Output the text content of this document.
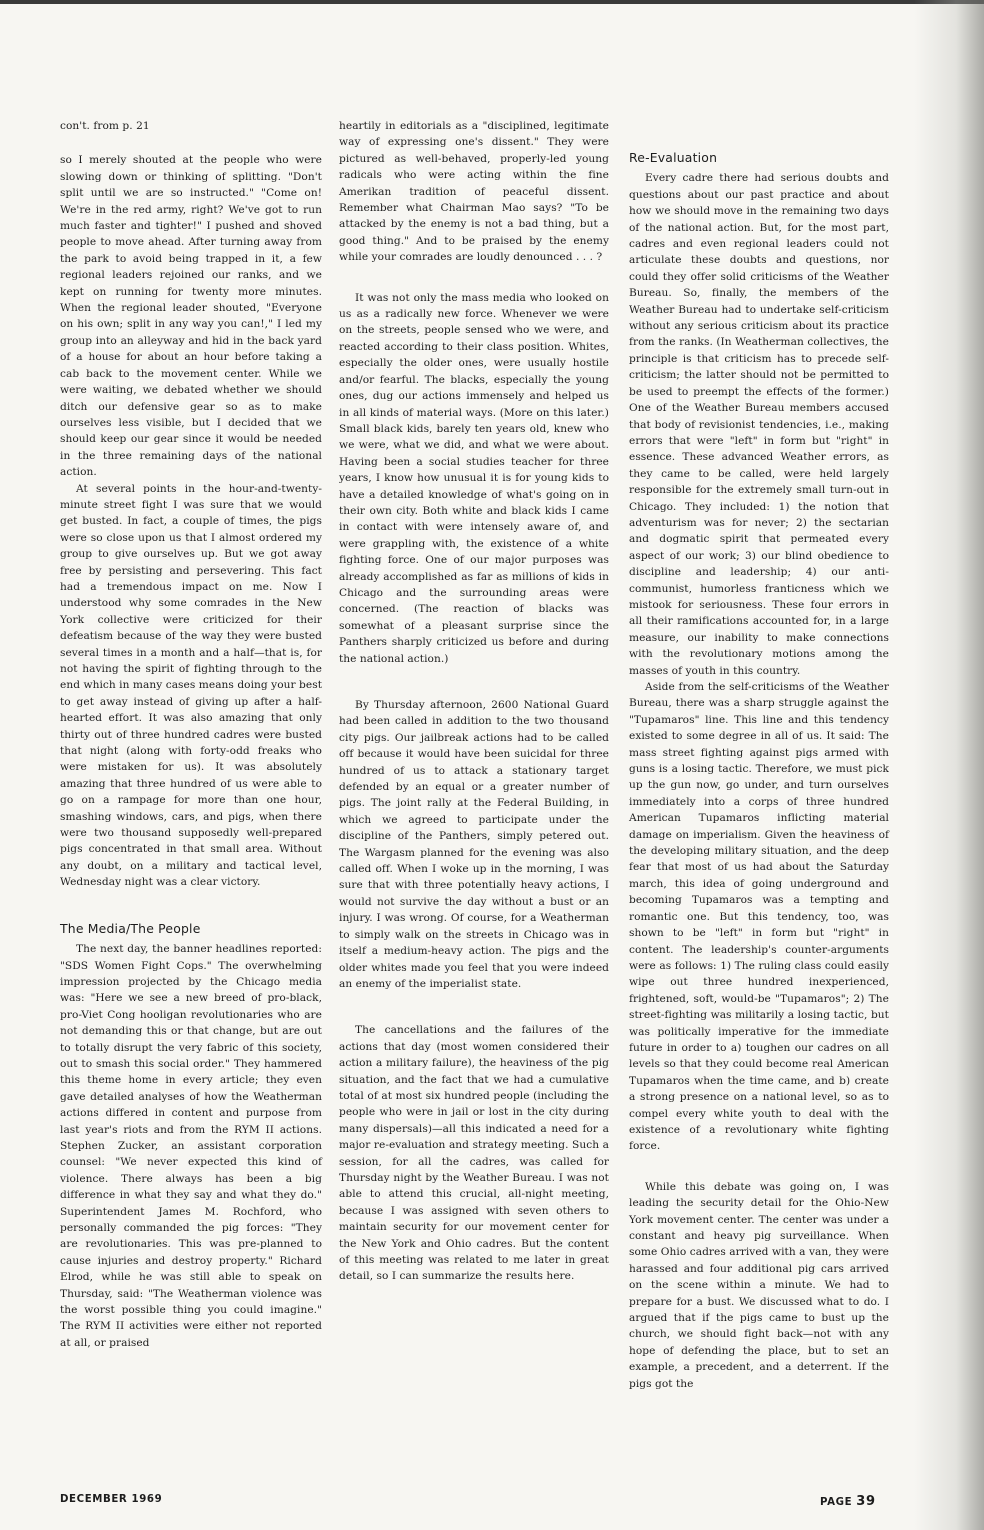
con't. from p. 21

so I merely shouted at the people who were slowing down or thinking of splitting. "Don't split until we are so instructed." "Come on! We're in the red army, right? We've got to run much faster and tighter!" I pushed and shoved people to move ahead. After turning away from the park to avoid being trapped in it, a few regional leaders rejoined our ranks, and we kept on running for twenty more minutes. When the regional leader shouted, "Everyone on his own; split in any way you can!," I led my group into an alleyway and hid in the back yard of a house for about an hour before taking a cab back to the movement center. While we were waiting, we debated whether we should ditch our defensive gear so as to make ourselves less visible, but I decided that we should keep our gear since it would be needed in the three remaining days of the national action.

At several points in the hour-and-twenty-minute street fight I was sure that we would get busted. In fact, a couple of times, the pigs were so close upon us that I almost ordered my group to give ourselves up. But we got away free by persisting and persevering. This fact had a tremendous impact on me. Now I understood why some comrades in the New York collective were criticized for their defeatism because of the way they were busted several times in a month and a half—that is, for not having the spirit of fighting through to the end which in many cases means doing your best to get away instead of giving up after a half-hearted effort. It was also amazing that only thirty out of three hundred cadres were busted that night (along with forty-odd freaks who were mistaken for us). It was absolutely amazing that three hundred of us were able to go on a rampage for more than one hour, smashing windows, cars, and pigs, when there were two thousand supposedly well-prepared pigs concentrated in that small area. Without any doubt, on a military and tactical level, Wednesday night was a clear victory.

The Media/The People

The next day, the banner headlines reported: "SDS Women Fight Cops." The overwhelming impression projected by the Chicago media was: "Here we see a new breed of pro-black, pro-Viet Cong hooligan revolutionaries who are not demanding this or that change, but are out to totally disrupt the very fabric of this society, out to smash this social order." They hammered this theme home in every article; they even gave detailed analyses of how the Weatherman actions differed in content and purpose from last year's riots and from the RYM II actions. Stephen Zucker, an assistant corporation counsel: "We never expected this kind of violence. There always has been a big difference in what they say and what they do." Superintendent James M. Rochford, who personally commanded the pig forces: "They are revolutionaries. This was pre-planned to cause injuries and destroy property." Richard Elrod, while he was still able to speak on Thursday, said: "The Weatherman violence was the worst possible thing you could imagine." The RYM II activities were either not reported at all, or praised

heartily in editorials as a "disciplined, legitimate way of expressing one's dissent." They were pictured as well-behaved, properly-led young radicals who were acting within the fine Amerikan tradition of peaceful dissent. Remember what Chairman Mao says? "To be attacked by the enemy is not a bad thing, but a good thing." And to be praised by the enemy while your comrades are loudly denounced . . . ?

It was not only the mass media who looked on us as a radically new force. Whenever we were on the streets, people sensed who we were, and reacted according to their class position. Whites, especially the older ones, were usually hostile and/or fearful. The blacks, especially the young ones, dug our actions immensely and helped us in all kinds of material ways. (More on this later.) Small black kids, barely ten years old, knew who we were, what we did, and what we were about. Having been a social studies teacher for three years, I know how unusual it is for young kids to have a detailed knowledge of what's going on in their own city. Both white and black kids I came in contact with were intensely aware of, and were grappling with, the existence of a white fighting force. One of our major purposes was already accomplished as far as millions of kids in Chicago and the surrounding areas were concerned. (The reaction of blacks was somewhat of a pleasant surprise since the Panthers sharply criticized us before and during the national action.)

By Thursday afternoon, 2600 National Guard had been called in addition to the two thousand city pigs. Our jailbreak actions had to be called off because it would have been suicidal for three hundred of us to attack a stationary target defended by an equal or a greater number of pigs. The joint rally at the Federal Building, in which we agreed to participate under the discipline of the Panthers, simply petered out. The Wargasm planned for the evening was also called off. When I woke up in the morning, I was sure that with three potentially heavy actions, I would not survive the day without a bust or an injury. I was wrong. Of course, for a Weatherman to simply walk on the streets in Chicago was in itself a medium-heavy action. The pigs and the older whites made you feel that you were indeed an enemy of the imperialist state.

The cancellations and the failures of the actions that day (most women considered their action a military failure), the heaviness of the pig situation, and the fact that we had a cumulative total of at most six hundred people (including the people who were in jail or lost in the city during many dispersals)—all this indicated a need for a major re-evaluation and strategy meeting. Such a session, for all the cadres, was called for Thursday night by the Weather Bureau. I was not able to attend this crucial, all-night meeting, because I was assigned with seven others to maintain security for our movement center for the New York and Ohio cadres. But the content of this meeting was related to me later in great detail, so I can summarize the results here.

Re-Evaluation

Every cadre there had serious doubts and questions about our past practice and about how we should move in the remaining two days of the national action. But, for the most part, cadres and even regional leaders could not articulate these doubts and questions, nor could they offer solid criticisms of the Weather Bureau. So, finally, the members of the Weather Bureau had to undertake self-criticism without any serious criticism about its practice from the ranks. (In Weatherman collectives, the principle is that criticism has to precede self-criticism; the latter should not be permitted to be used to preempt the effects of the former.) One of the Weather Bureau members accused that body of revisionist tendencies, i.e., making errors that were "left" in form but "right" in essence. These advanced Weather errors, as they came to be called, were held largely responsible for the extremely small turn-out in Chicago. They included: 1) the notion that adventurism was for never; 2) the sectarian and dogmatic spirit that permeated every aspect of our work; 3) our blind obedience to discipline and leadership; 4) our anti-communist, humorless franticness which we mistook for seriousness. These four errors in all their ramifications accounted for, in a large measure, our inability to make connections with the revolutionary motions among the masses of youth in this country.

Aside from the self-criticisms of the Weather Bureau, there was a sharp struggle against the "Tupamaros" line. This line and this tendency existed to some degree in all of us. It said: The mass street fighting against pigs armed with guns is a losing tactic. Therefore, we must pick up the gun now, go under, and turn ourselves immediately into a corps of three hundred American Tupamaros inflicting material damage on imperialism. Given the heaviness of the developing military situation, and the deep fear that most of us had about the Saturday march, this idea of going underground and becoming Tupamaros was a tempting and romantic one. But this tendency, too, was shown to be "left" in form but "right" in content. The leadership's counter-arguments were as follows: 1) The ruling class could easily wipe out three hundred inexperienced, frightened, soft, would-be "Tupamaros"; 2) The street-fighting was militarily a losing tactic, but was politically imperative for the immediate future in order to a) toughen our cadres on all levels so that they could become real American Tupamaros when the time came, and b) create a strong presence on a national level, so as to compel every white youth to deal with the existence of a revolutionary white fighting force.

While this debate was going on, I was leading the security detail for the Ohio-New York movement center. The center was under a constant and heavy pig surveillance. When some Ohio cadres arrived with a van, they were harassed and four additional pig cars arrived on the scene within a minute. We had to prepare for a bust. We discussed what to do. I argued that if the pigs came to bust up the church, we should fight back—not with any hope of defending the place, but to set an example, a precedent, and a deterrent. If the pigs got the

DECEMBER 1969	PAGE 39
